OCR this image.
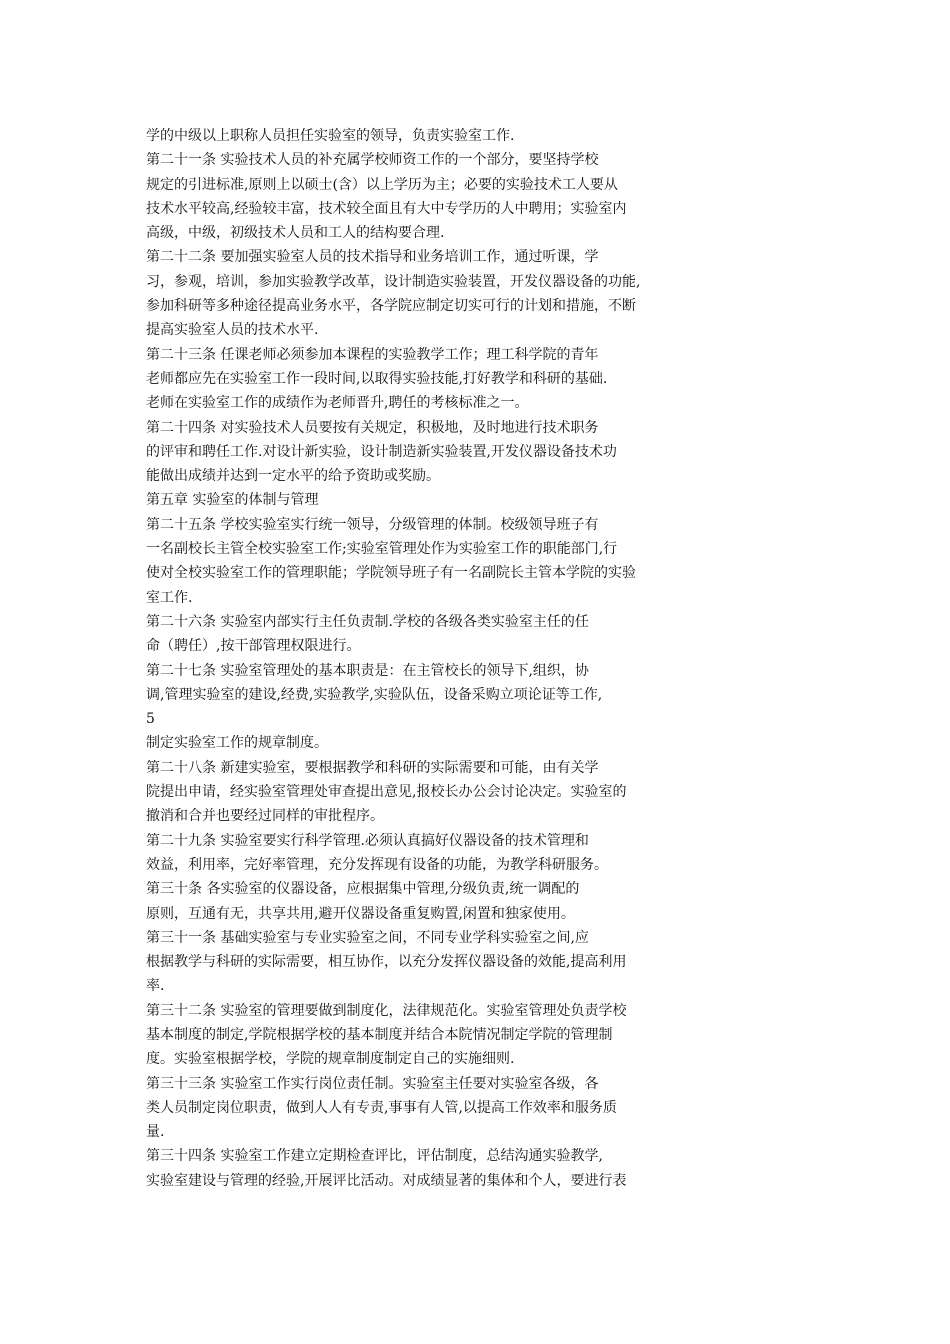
学的中级以上职称人员担任实验室的领导，负责实验室工作.
第二十一条 实验技术人员的补充属学校师资工作的一个部分，要坚持学校
规定的引进标准,原则上以硕士(含）以上学历为主；必要的实验技术工人要从
技术水平较高,经验较丰富，技术较全面且有大中专学历的人中聘用；实验室内
高级，中级，初级技术人员和工人的结构要合理.
第二十二条 要加强实验室人员的技术指导和业务培训工作，通过听课，学
习，参观，培训，参加实验教学改革，设计制造实验装置，开发仪器设备的功能,
参加科研等多种途径提高业务水平，各学院应制定切实可行的计划和措施，不断
提高实验室人员的技术水平.
第二十三条 任课老师必须参加本课程的实验教学工作；理工科学院的青年
老师都应先在实验室工作一段时间,以取得实验技能,打好教学和科研的基础.
老师在实验室工作的成绩作为老师晋升,聘任的考核标准之一。
第二十四条 对实验技术人员要按有关规定，积极地，及时地进行技术职务
的评审和聘任工作.对设计新实验，设计制造新实验装置,开发仪器设备技术功
能做出成绩并达到一定水平的给予资助或奖励。
第五章 实验室的体制与管理
第二十五条 学校实验室实行统一领导，分级管理的体制。校级领导班子有
一名副校长主管全校实验室工作;实验室管理处作为实验室工作的职能部门,行
使对全校实验室工作的管理职能；学院领导班子有一名副院长主管本学院的实验
室工作.
第二十六条 实验室内部实行主任负责制.学校的各级各类实验室主任的任
命（聘任）,按干部管理权限进行。
第二十七条 实验室管理处的基本职责是：在主管校长的领导下,组织，协
调,管理实验室的建设,经费,实验教学,实验队伍，设备采购立项论证等工作,
5
制定实验室工作的规章制度。
第二十八条 新建实验室，要根据教学和科研的实际需要和可能，由有关学
院提出申请，经实验室管理处审查提出意见,报校长办公会讨论决定。实验室的
撤消和合并也要经过同样的审批程序。
第二十九条 实验室要实行科学管理.必须认真搞好仪器设备的技术管理和
效益，利用率，完好率管理，充分发挥现有设备的功能，为教学科研服务。
第三十条 各实验室的仪器设备，应根据集中管理,分级负责,统一调配的
原则，互通有无，共享共用,避开仪器设备重复购置,闲置和独家使用。
第三十一条 基础实验室与专业实验室之间，不同专业学科实验室之间,应
根据教学与科研的实际需要，相互协作，以充分发挥仪器设备的效能,提高利用
率.
第三十二条 实验室的管理要做到制度化，法律规范化。实验室管理处负责学校
基本制度的制定,学院根据学校的基本制度并结合本院情况制定学院的管理制
度。实验室根据学校，学院的规章制度制定自己的实施细则.
第三十三条 实验室工作实行岗位责任制。实验室主任要对实验室各级，各
类人员制定岗位职责，做到人人有专责,事事有人管,以提高工作效率和服务质
量.
第三十四条 实验室工作建立定期检查评比，评估制度，总结沟通实验教学,
实验室建设与管理的经验,开展评比活动。对成绩显著的集体和个人，要进行表
